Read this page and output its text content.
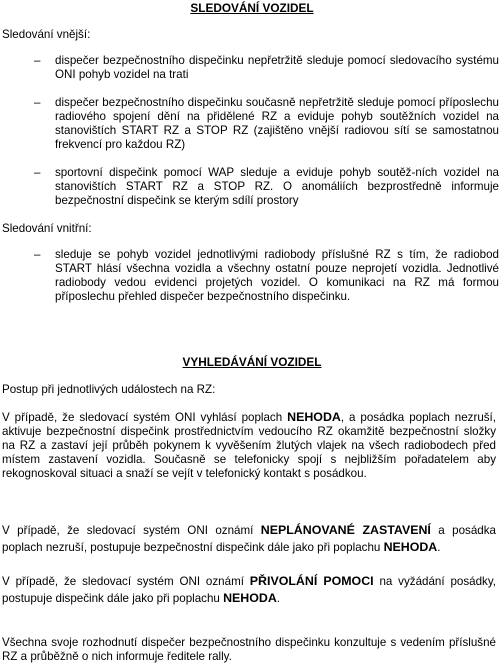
SLEDOVÁNÍ VOZIDEL
Sledování vnější:
– dispečer bezpečnostního dispečinku nepřetržitě sleduje pomocí sledovacího systému ONI pohyb vozidel na trati
– dispečer bezpečnostního dispečinku současně nepřetržitě sleduje pomocí příposlechu radiového spojení dění na přidělené RZ a eviduje pohyb soutěžních vozidel na stanovištích START RZ a STOP RZ (zajištěno vnější radiovou sítí se samostatnou frekvencí pro každou RZ)
– sportovní dispečink pomocí WAP sleduje a eviduje pohyb soutěž-ních vozidel na stanovištích START RZ a STOP RZ. O anomáliích bezprostředně informuje bezpečnostní dispečink se kterým sdílí prostory
Sledování vnitřní:
– sleduje se pohyb vozidel jednotlivými radiobody příslušné RZ s tím, že radiobod START hlásí všechna vozidla a všechny ostatní pouze neprojetí vozidla. Jednotlivé radiobody vedou evidenci projetých vozidel. O komunikaci na RZ má formou příposlechu přehled dispečer bezpečnostního dispečinku.
VYHLEDÁVÁNÍ VOZIDEL
Postup při jednotlivých událostech na RZ:
V případě, že sledovací systém ONI vyhlásí poplach NEHODA, a posádka poplach nezruší, aktivuje bezpečnostní dispečink prostřednictvím vedoucího RZ okamžitě bezpečnostní složky na RZ a zastaví její průběh pokynem k vyvěšením žlutých vlajek na všech radiobodech před místem zastavení vozidla. Současně se telefonicky spojí s nejbližším pořadatelem aby rekognoskoval situaci a snaží se vejít v telefonický kontakt s posádkou.
V případě, že sledovací systém ONI oznámí NEPLÁNOVANÉ ZASTAVENÍ a posádka poplach nezruší, postupuje bezpečnostní dispečink dále jako při poplachu NEHODA.
V případě, že sledovací systém ONI oznámí PŘIVOLÁNÍ POMOCI na vyžádání posádky, postupuje dispečink dále jako při poplachu NEHODA.
Všechna svoje rozhodnutí dispečer bezpečnostního dispečinku konzultuje s vedením příslušné RZ a průběžně o nich informuje ředitele rally.
